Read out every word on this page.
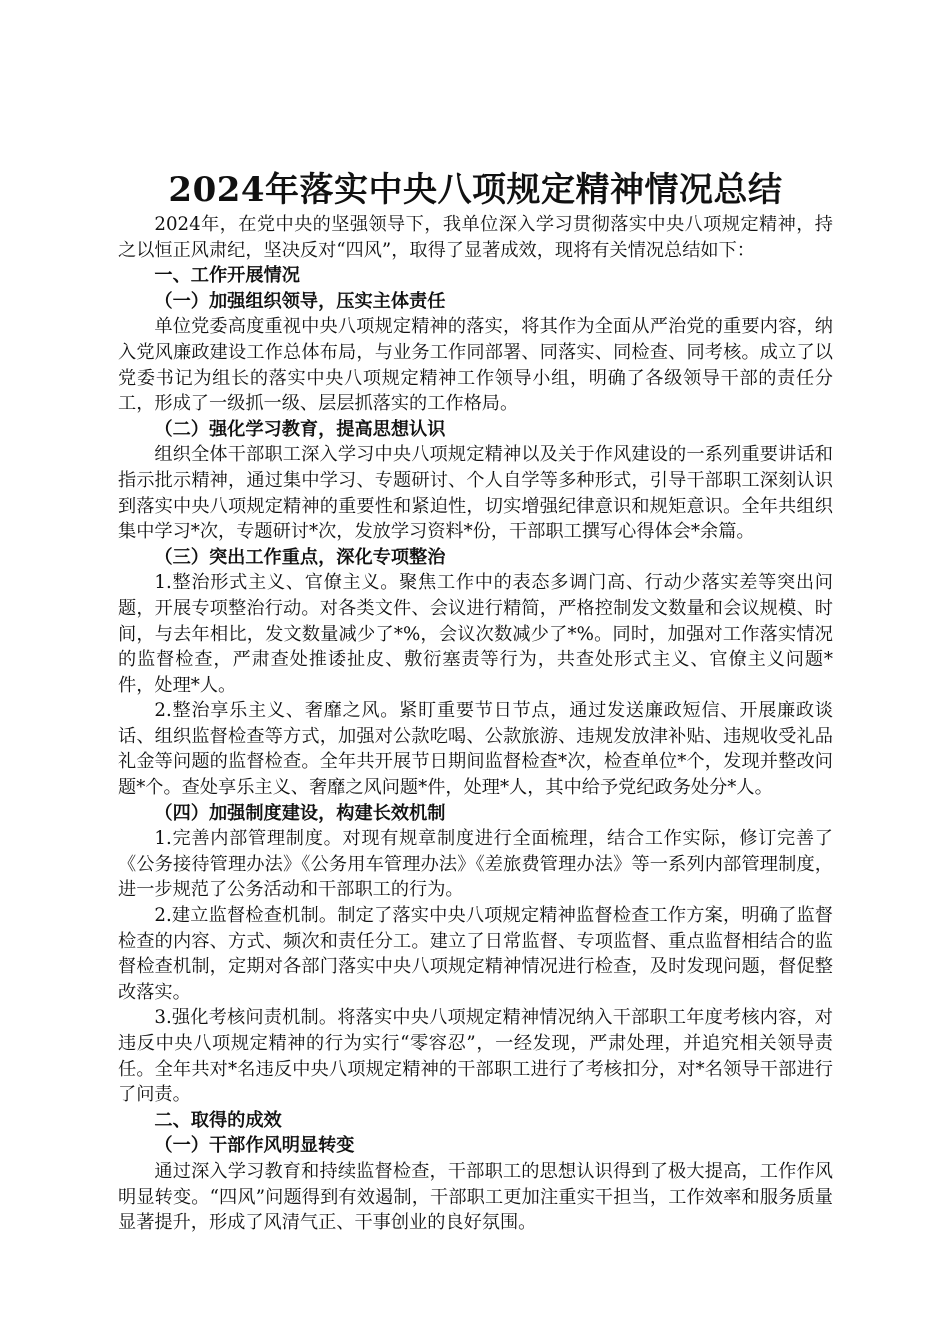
2024年落实中央八项规定精神情况总结

2024年，在党中央的坚强领导下，我单位深入学习贯彻落实中央八项规定精神，持之以恒正风肃纪，坚决反对“四风”，取得了显著成效，现将有关情况总结如下：

一、工作开展情况

（一）加强组织领导，压实主体责任

单位党委高度重视中央八项规定精神的落实，将其作为全面从严治党的重要内容，纳入党风廉政建设工作总体布局，与业务工作同部署、同落实、同检查、同考核。成立了以党委书记为组长的落实中央八项规定精神工作领导小组，明确了各级领导干部的责任分工，形成了一级抓一级、层层抓落实的工作格局。

（二）强化学习教育，提高思想认识

组织全体干部职工深入学习中央八项规定精神以及关于作风建设的一系列重要讲话和指示批示精神，通过集中学习、专题研讨、个人自学等多种形式，引导干部职工深刻认识到落实中央八项规定精神的重要性和紧迫性，切实增强纪律意识和规矩意识。全年共组织集中学习*次，专题研讨*次，发放学习资料*份，干部职工撰写心得体会*余篇。

（三）突出工作重点，深化专项整治

1.整治形式主义、官僚主义。聚焦工作中的表态多调门高、行动少落实差等突出问题，开展专项整治行动。对各类文件、会议进行精简，严格控制发文数量和会议规模、时间，与去年相比，发文数量减少了*%，会议次数减少了*%。同时，加强对工作落实情况的监督检查，严肃查处推诿扯皮、敷衍塞责等行为，共查处形式主义、官僚主义问题*件，处理*人。

2.整治享乐主义、奢靡之风。紧盯重要节日节点，通过发送廉政短信、开展廉政谈话、组织监督检查等方式，加强对公款吃喝、公款旅游、违规发放津补贴、违规收受礼品礼金等问题的监督检查。全年共开展节日期间监督检查*次，检查单位*个，发现并整改问题*个。查处享乐主义、奢靡之风问题*件，处理*人，其中给予党纪政务处分*人。

（四）加强制度建设，构建长效机制

1.完善内部管理制度。对现有规章制度进行全面梳理，结合工作实际，修订完善了《公务接待管理办法》《公务用车管理办法》《差旅费管理办法》等一系列内部管理制度，进一步规范了公务活动和干部职工的行为。

2.建立监督检查机制。制定了落实中央八项规定精神监督检查工作方案，明确了监督检查的内容、方式、频次和责任分工。建立了日常监督、专项监督、重点监督相结合的监督检查机制，定期对各部门落实中央八项规定精神情况进行检查，及时发现问题，督促整改落实。

3.强化考核问责机制。将落实中央八项规定精神情况纳入干部职工年度考核内容，对违反中央八项规定精神的行为实行“零容忍”，一经发现，严肃处理，并追究相关领导责任。全年共对*名违反中央八项规定精神的干部职工进行了考核扣分，对*名领导干部进行了问责。

二、取得的成效

（一）干部作风明显转变

通过深入学习教育和持续监督检查，干部职工的思想认识得到了极大提高，工作作风明显转变。“四风”问题得到有效遏制，干部职工更加注重实干担当，工作效率和服务质量显著提升，形成了风清气正、干事创业的良好氛围。
